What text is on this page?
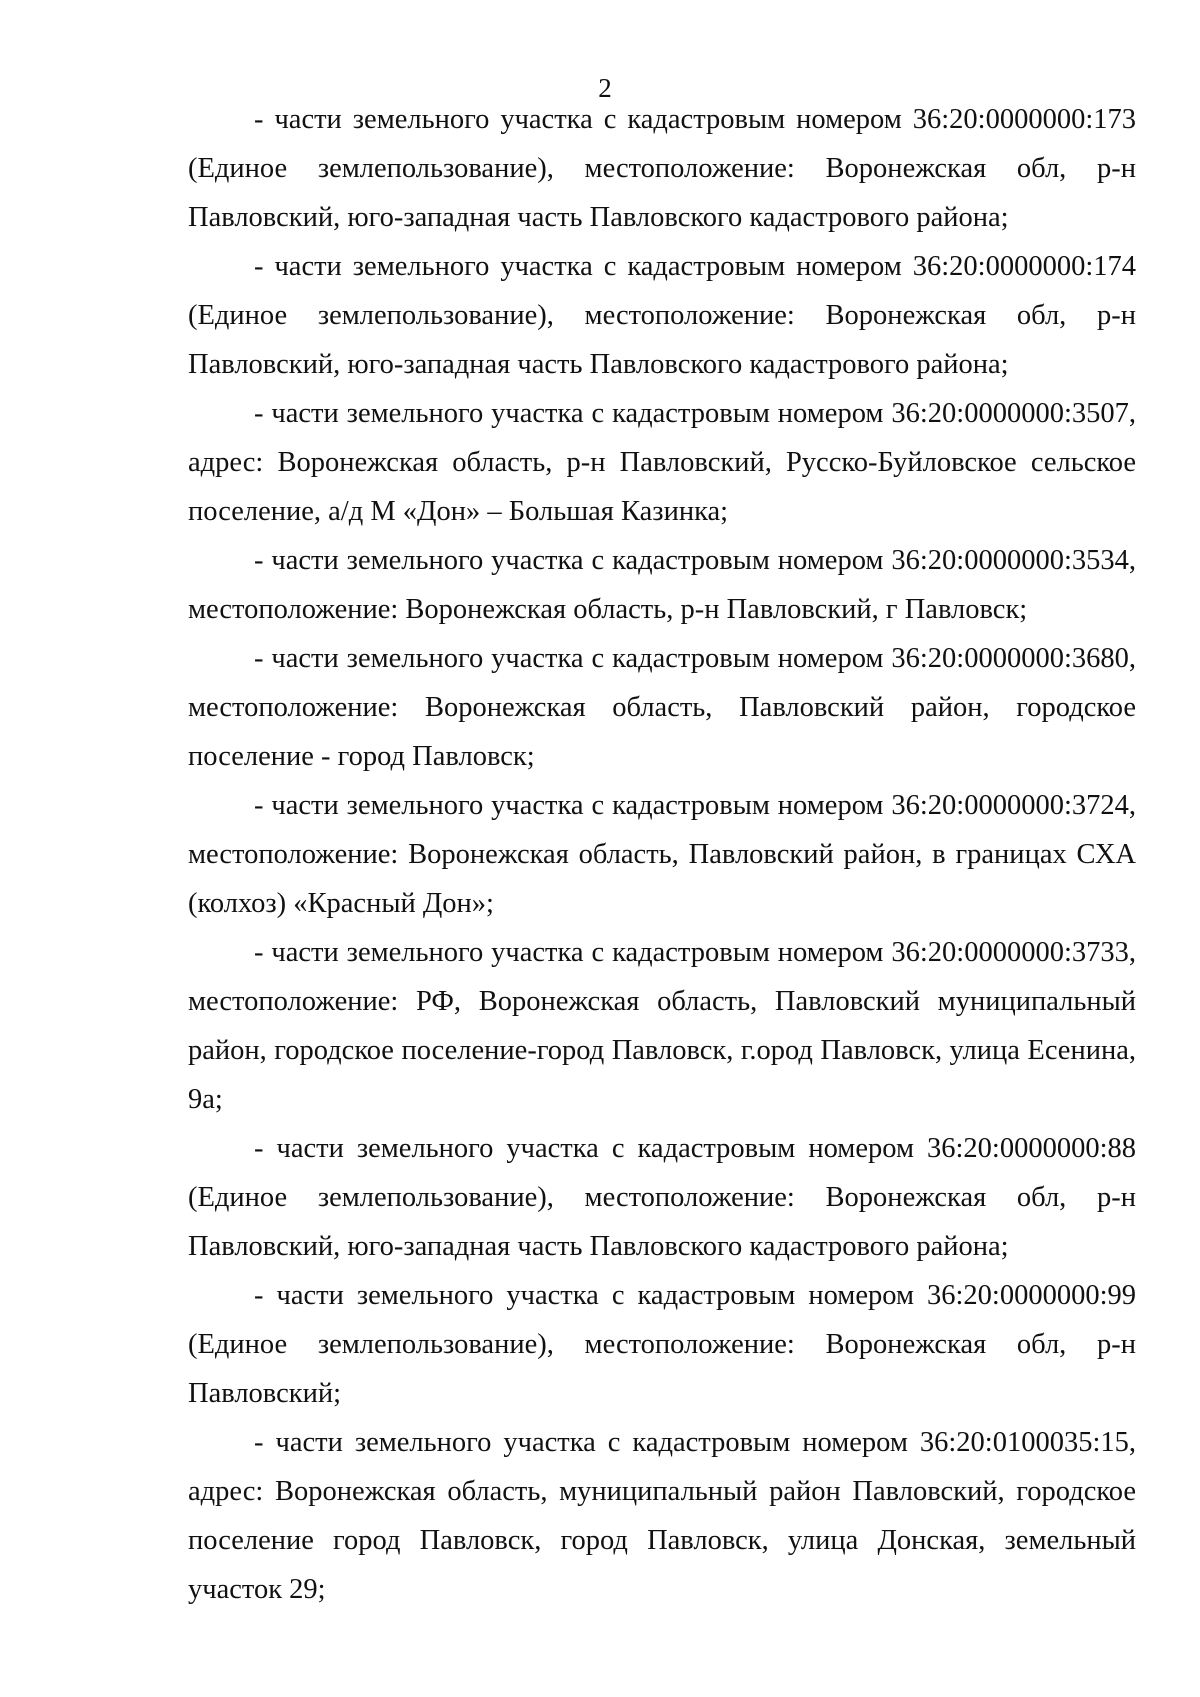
2

- части земельного участка с кадастровым номером 36:20:0000000:173 (Единое землепользование), местоположение: Воронежская обл, р-н Павловский, юго-западная часть Павловского кадастрового района;

- части земельного участка с кадастровым номером 36:20:0000000:174 (Единое землепользование), местоположение: Воронежская обл, р-н Павловский, юго-западная часть Павловского кадастрового района;

- части земельного участка с кадастровым номером 36:20:0000000:3507, адрес: Воронежская область, р-н Павловский, Русско-Буйловское сельское поселение, а/д М «Дон» – Большая Казинка;

- части земельного участка с кадастровым номером 36:20:0000000:3534, местоположение: Воронежская область, р-н Павловский, г Павловск;

- части земельного участка с кадастровым номером 36:20:0000000:3680, местоположение: Воронежская область, Павловский район, городское поселение - город Павловск;

- части земельного участка с кадастровым номером 36:20:0000000:3724, местоположение: Воронежская область, Павловский район, в границах СХА (колхоз) «Красный Дон»;

- части земельного участка с кадастровым номером 36:20:0000000:3733, местоположение: РФ, Воронежская область, Павловский муниципальный район, городское поселение-город Павловск, г.ород Павловск, улица Есенина, 9а;

- части земельного участка с кадастровым номером 36:20:0000000:88 (Единое землепользование), местоположение: Воронежская обл, р-н Павловский, юго-западная часть Павловского кадастрового района;

- части земельного участка с кадастровым номером 36:20:0000000:99 (Единое землепользование), местоположение: Воронежская обл, р-н Павловский;

- части земельного участка с кадастровым номером 36:20:0100035:15, адрес: Воронежская область, муниципальный район Павловский, городское поселение город Павловск, город Павловск, улица Донская, земельный участок 29;
